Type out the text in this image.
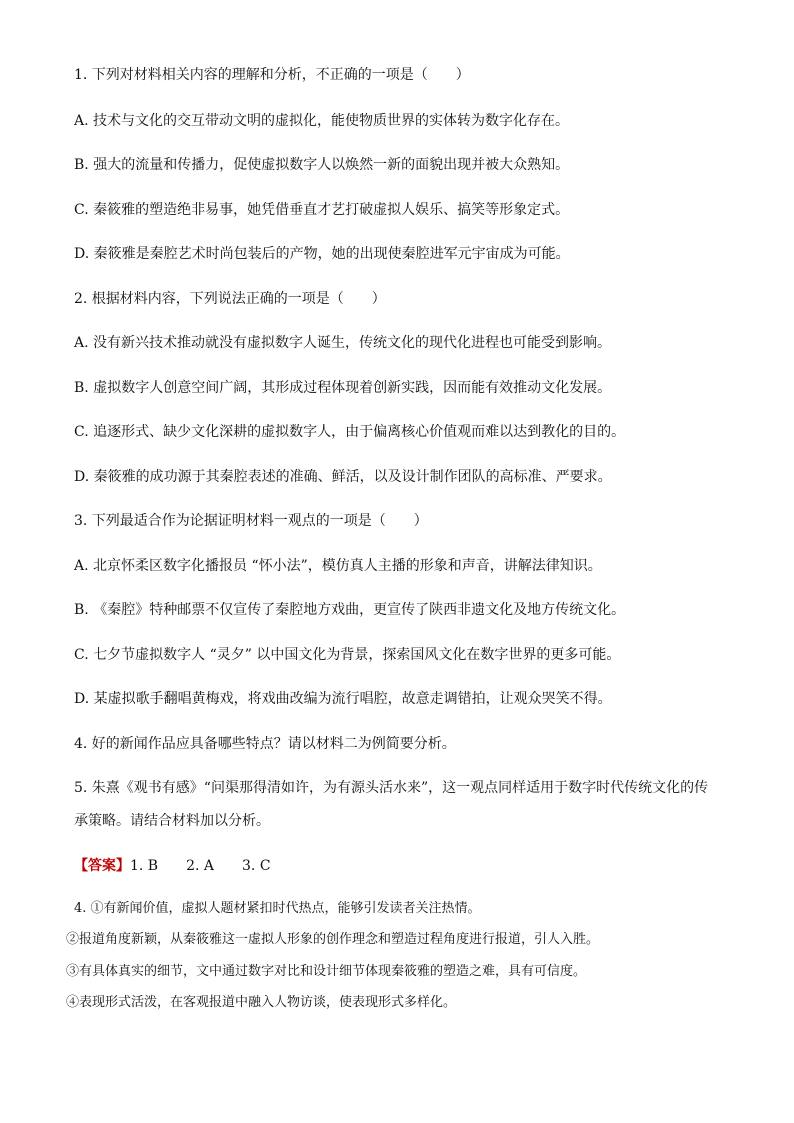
1. 下列对材料相关内容的理解和分析，不正确的一项是（　　）
A. 技术与文化的交互带动文明的虚拟化，能使物质世界的实体转为数字化存在。
B. 强大的流量和传播力，促使虚拟数字人以焕然一新的面貌出现并被大众熟知。
C. 秦筱雅的塑造绝非易事，她凭借垂直才艺打破虚拟人娱乐、搞笑等形象定式。
D. 秦筱雅是秦腔艺术时尚包装后的产物，她的出现使秦腔进军元宇宙成为可能。
2. 根据材料内容，下列说法正确的一项是（　　）
A. 没有新兴技术推动就没有虚拟数字人诞生，传统文化的现代化进程也可能受到影响。
B. 虚拟数字人创意空间广阔，其形成过程体现着创新实践，因而能有效推动文化发展。
C. 追逐形式、缺少文化深耕的虚拟数字人，由于偏离核心价值观而难以达到教化的目的。
D. 秦筱雅的成功源于其秦腔表述的准确、鲜活，以及设计制作团队的高标准、严要求。
3. 下列最适合作为论据证明材料一观点的一项是（　　）
A. 北京怀柔区数字化播报员 “怀小法”，模仿真人主播的形象和声音，讲解法律知识。
B. 《秦腔》特种邮票不仅宣传了秦腔地方戏曲，更宣传了陕西非遗文化及地方传统文化。
C. 七夕节虚拟数字人 “灵夕” 以中国文化为背景，探索国风文化在数字世界的更多可能。
D. 某虚拟歌手翻唱黄梅戏，将戏曲改编为流行唱腔，故意走调错拍，让观众哭笑不得。
4. 好的新闻作品应具备哪些特点？请以材料二为例简要分析。
5. 朱熹《观书有感》“问渠那得清如许，为有源头活水来”，这一观点同样适用于数字时代传统文化的传
承策略。请结合材料加以分析。
【答案】1. B　　2. A　　3. C
4. ①有新闻价值，虚拟人题材紧扣时代热点，能够引发读者关注热情。
②报道角度新颖，从秦筱雅这一虚拟人形象的创作理念和塑造过程角度进行报道，引人入胜。
③有具体真实的细节，文中通过数字对比和设计细节体现秦筱雅的塑造之难，具有可信度。
④表现形式活泼，在客观报道中融入人物访谈，使表现形式多样化。
